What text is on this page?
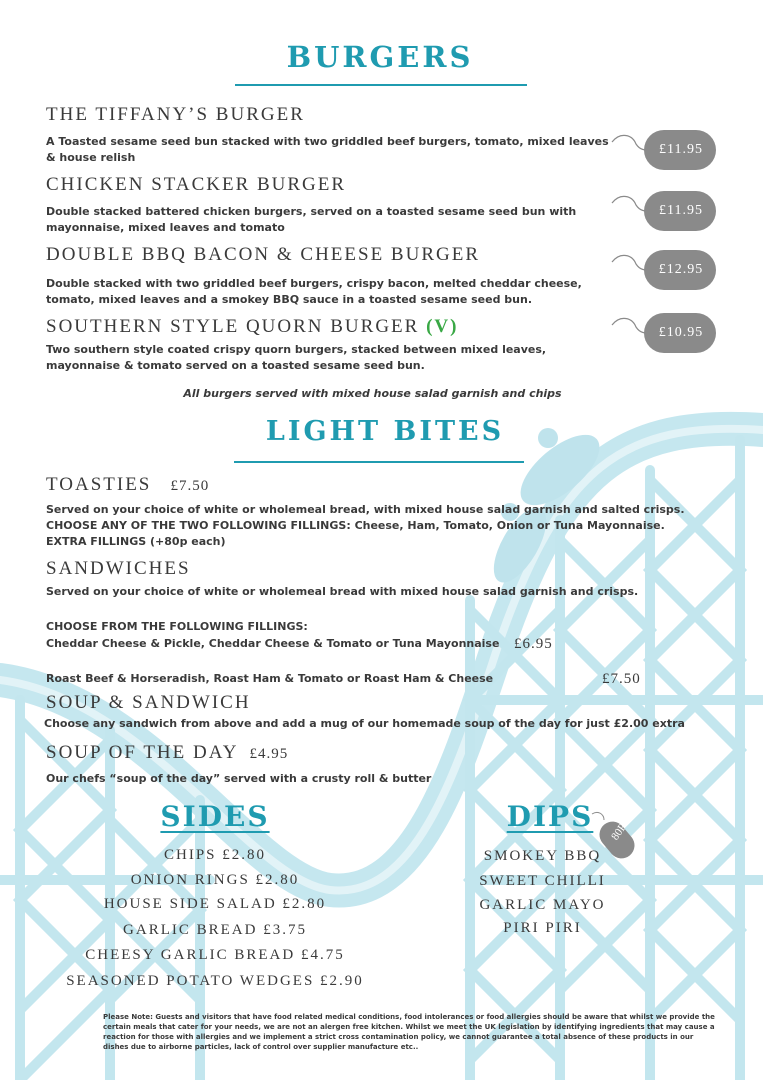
BURGERS
THE TIFFANY’S BURGER
A Toasted sesame seed bun stacked with two griddled beef burgers, tomato, mixed leaves & house relish
£11.95
CHICKEN STACKER BURGER
Double stacked battered chicken burgers, served on a toasted sesame seed bun with mayonnaise, mixed leaves and tomato
£11.95
DOUBLE BBQ BACON & CHEESE BURGER
Double stacked with two griddled beef burgers, crispy bacon, melted cheddar cheese, tomato, mixed leaves and a smokey BBQ sauce in a toasted sesame seed bun.
£12.95
SOUTHERN STYLE QUORN BURGER (V)
Two southern style coated crispy quorn burgers, stacked between mixed leaves, mayonnaise & tomato served on a toasted sesame seed bun.
£10.95
All burgers served with mixed house salad garnish and chips
LIGHT BITES
TOASTIES £7.50
Served on your choice of white or wholemeal bread, with mixed house salad garnish and salted crisps.
CHOOSE ANY OF THE TWO FOLLOWING FILLINGS: Cheese, Ham, Tomato, Onion or Tuna Mayonnaise.
EXTRA FILLINGS (+80p each)
SANDWICHES
Served on your choice of white or wholemeal bread with mixed house salad garnish and crisps.
CHOOSE FROM THE FOLLOWING FILLINGS:
Cheddar Cheese & Pickle, Cheddar Cheese & Tomato or Tuna Mayonnaise £6.95
Roast Beef & Horseradish, Roast Ham & Tomato or Roast Ham & Cheese	£7.50
SOUP & SANDWICH
Choose any sandwich from above and add a mug of our homemade soup of the day for just £2.00 extra
SOUP OF THE DAY £4.95
Our chefs “soup of the day” served with a crusty roll & butter
SIDES
CHIPS £2.80
ONION RINGS £2.80
HOUSE SIDE SALAD £2.80
GARLIC BREAD £3.75
CHEESY GARLIC BREAD £4.75
SEASONED POTATO WEDGES £2.90
DIPS	80P
SMOKEY BBQ
SWEET CHILLI
GARLIC MAYO
PIRI PIRI
Please Note: Guests and visitors that have food related medical conditions, food intolerances or food allergies should be aware that whilst we provide the certain meals that cater for your needs, we are not an alergen free kitchen. Whilst we meet the UK legislation by identifying ingredients that may cause a reaction for those with allergies and we implement a strict cross contamination policy, we cannot guarantee a total absence of these products in our dishes due to airborne particles, lack of control over supplier manufacture etc..
